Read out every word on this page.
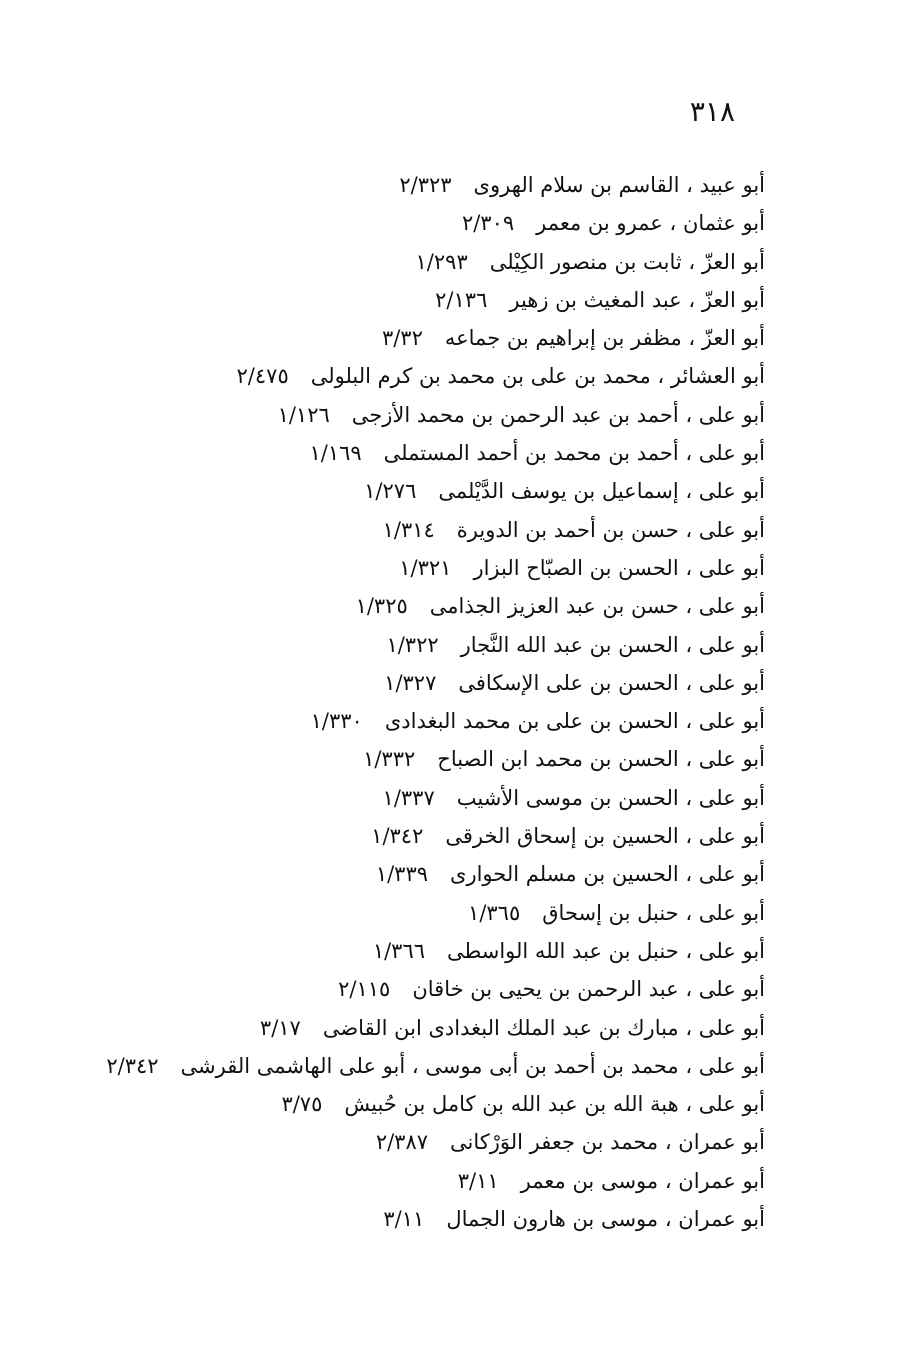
٣١٨
أبو عبيد ، القاسم بن سلام الهروى٢/٣٢٣
أبو عثمان ، عمرو بن معمر٢/٣٠٩
أبو العزّ ، ثابت بن منصور الكِيْلى١/٢٩٣
أبو العزّ ، عبد المغيث بن زهير٢/١٣٦
أبو العزّ ، مظفر بن إبراهيم بن جماعه٣/٣٢
أبو العشائر ، محمد بن على بن محمد بن كرم البلولى٢/٤٧٥
أبو على ، أحمد بن عبد الرحمن بن محمد الأزجى١/١٢٦
أبو على ، أحمد بن محمد بن أحمد المستملى١/١٦٩
أبو على ، إسماعيل بن يوسف الدَّيْلمى١/٢٧٦
أبو على ، حسن بن أحمد بن الدويرة١/٣١٤
أبو على ، الحسن بن الصبّاح البزار١/٣٢١
أبو على ، حسن بن عبد العزيز الجذامى١/٣٢٥
أبو على ، الحسن بن عبد الله النَّجار١/٣٢٢
أبو على ، الحسن بن على الإسكافى١/٣٢٧
أبو على ، الحسن بن على بن محمد البغدادى١/٣٣٠
أبو على ، الحسن بن محمد ابن الصباح١/٣٣٢
أبو على ، الحسن بن موسى الأشيب١/٣٣٧
أبو على ، الحسين بن إسحاق الخرقى١/٣٤٢
أبو على ، الحسين بن مسلم الحوارى١/٣٣٩
أبو على ، حنبل بن إسحاق١/٣٦٥
أبو على ، حنبل بن عبد الله الواسطى١/٣٦٦
أبو على ، عبد الرحمن بن يحيى بن خاقان٢/١١٥
أبو على ، مبارك بن عبد الملك البغدادى ابن القاضى٣/١٧
أبو على ، محمد بن أحمد بن أبى موسى ، أبو على الهاشمى القرشى٢/٣٤٢
أبو على ، هبة الله بن عبد الله بن كامل بن حُبيش٣/٧٥
أبو عمران ، محمد بن جعفر الوَرْكانى٢/٣٨٧
أبو عمران ، موسى بن معمر٣/١١
أبو عمران ، موسى بن هارون الجمال٣/١١
